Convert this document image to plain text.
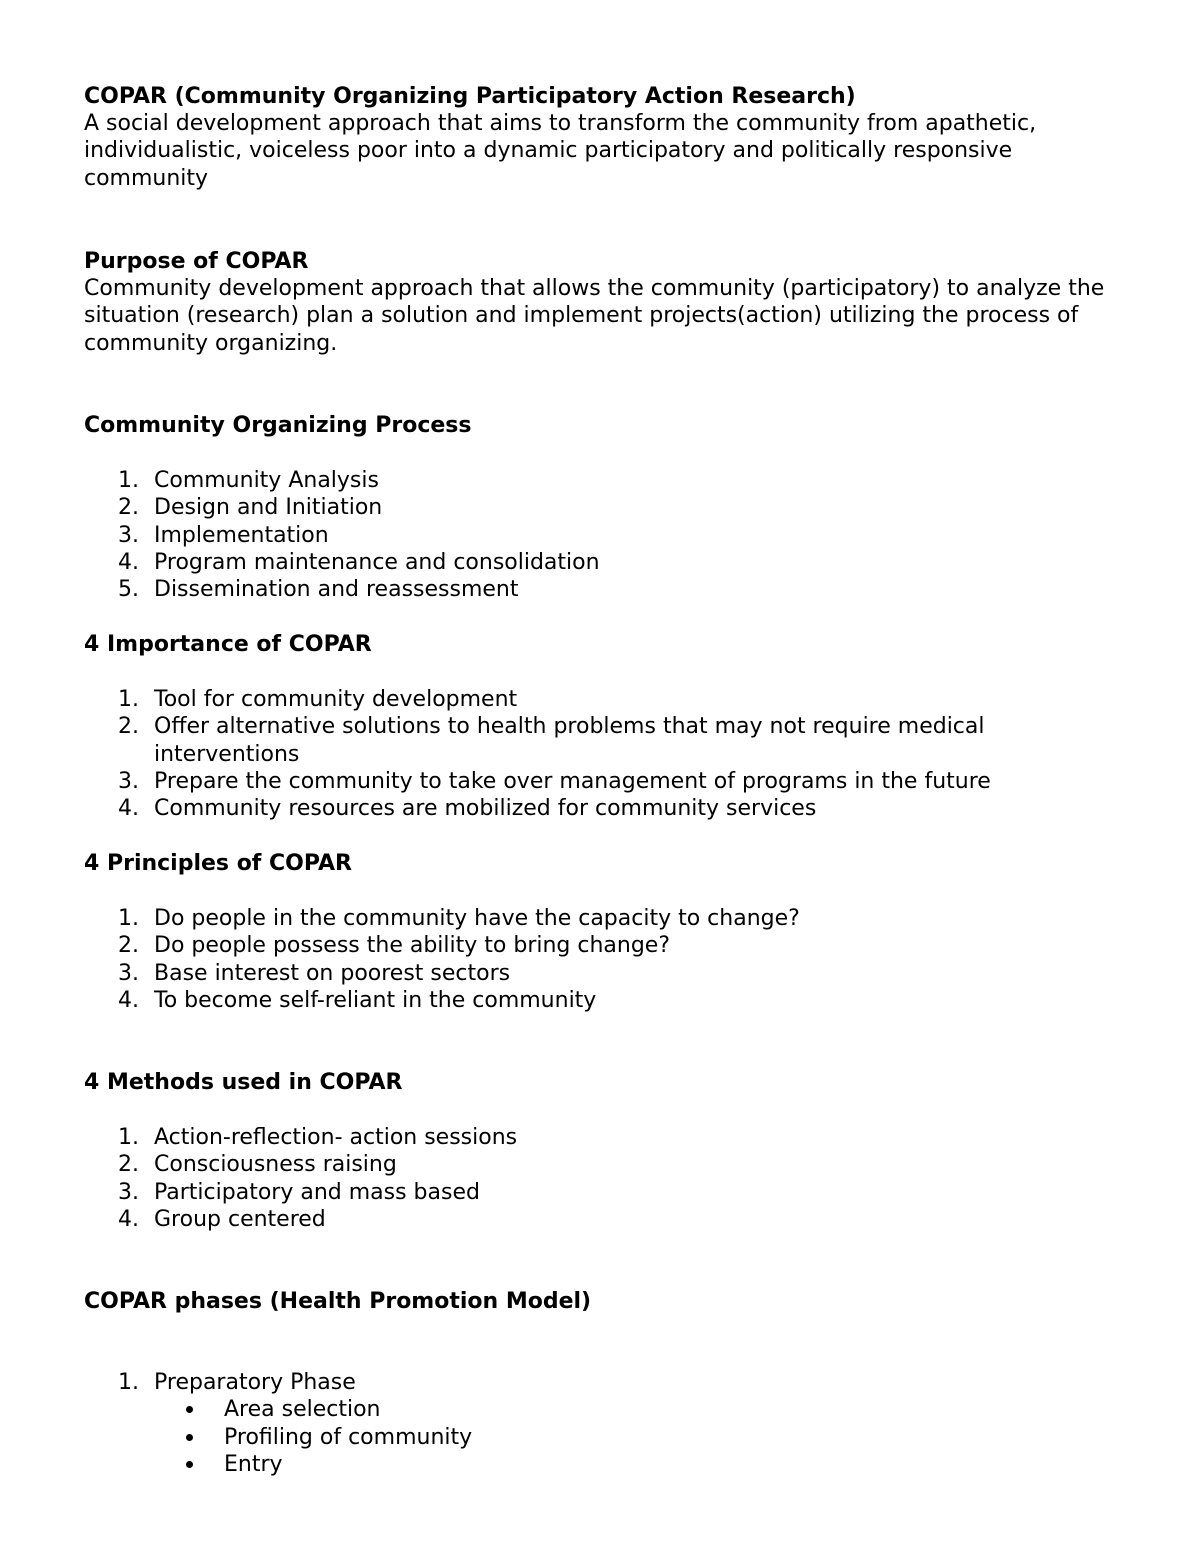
COPAR (Community Organizing Participatory Action Research)
A social development approach that aims to transform the community from apathetic, individualistic, voiceless poor into a dynamic participatory and politically responsive community
Purpose of COPAR
Community development approach that allows the community (participatory) to analyze the situation (research) plan a solution and implement projects(action) utilizing the process of community organizing.
Community Organizing Process
1. Community Analysis
2. Design and Initiation
3. Implementation
4. Program maintenance and consolidation
5. Dissemination and reassessment
4 Importance of COPAR
1. Tool for community development
2. Offer alternative solutions to health problems that may not require medical interventions
3. Prepare the community to take over management of programs in the future
4. Community resources are mobilized for community services
4 Principles of COPAR
1. Do people in the community have the capacity to change?
2. Do people possess the ability to bring change?
3. Base interest on poorest sectors
4. To become self-reliant in the community
4 Methods used in COPAR
1. Action-reflection- action sessions
2. Consciousness raising
3. Participatory and mass based
4. Group centered
COPAR phases (Health Promotion Model)
1. Preparatory Phase
Area selection
Profiling of community
Entry
